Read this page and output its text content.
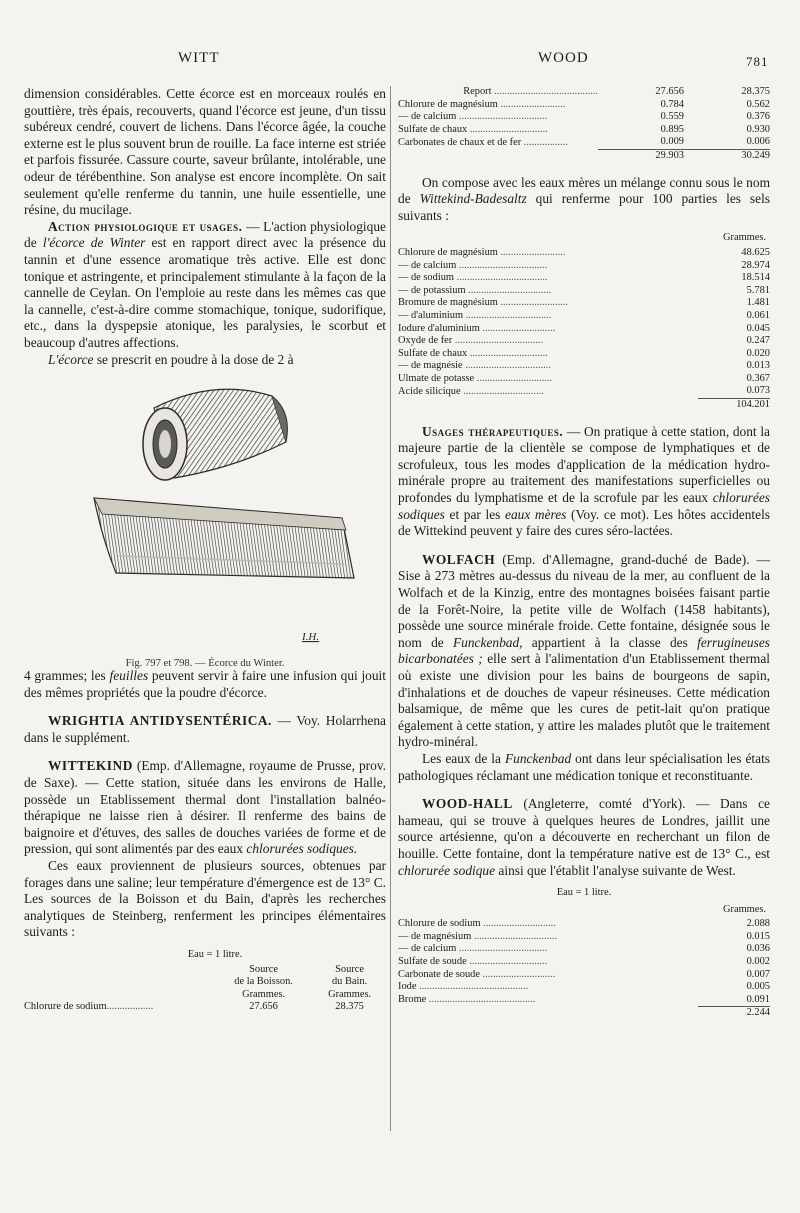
WITT	WOOD	781

dimension considérables. Cette écorce est en morceaux roulés en gouttière, très épais, recouverts, quand l'écorce est jeune, d'un tissu subéreux cendré, couvert de lichens. Dans l'écorce âgée, la couche externe est le plus souvent brun de rouille. La face interne est striée et parfois fissurée. Cassure courte, saveur brûlante, intolérable, une odeur de térébenthine. Son analyse est encore incomplète. On sait seulement qu'elle renferme du tannin, une huile essentielle, une résine, du mucilage.

Action physiologique et usages. — L'action physiologique de l'écorce de Winter est en rapport direct avec la présence du tannin et d'une essence aromatique très active. Elle est donc tonique et astringente, et principalement stimulante à la façon de la cannelle de Ceylan. On l'emploie au reste dans les mêmes cas que la cannelle, c'est-à-dire comme stomachique, tonique, sudorifique, etc., dans la dyspepsie atonique, les paralysies, le scorbut et beaucoup d'autres affections.

L'écorce se prescrit en poudre à la dose de 2 à

I.H.
Fig. 797 et 798. — Écorce du Winter.

4 grammes; les feuilles peuvent servir à faire une infusion qui jouit des mêmes propriétés que la poudre d'écorce.

WRIGHTIA ANTIDYSENTÉRICA. — Voy. Holarrhena dans le supplément.

WITTEKIND (Emp. d'Allemagne, royaume de Prusse, prov. de Saxe). — Cette station, située dans les environs de Halle, possède un Etablissement thermal dont l'installation balnéo-thérapique ne laisse rien à désirer. Il renferme des bains de baignoire et d'étuves, des salles de douches variées de forme et de pression, qui sont alimentés par des eaux chlorurées sodiques.

Ces eaux proviennent de plusieurs sources, obtenues par forages dans une saline; leur température d'émergence est de 13° C. Les sources de la Boisson et du Bain, d'après les recherches analytiques de Steinberg, renferment les principes élémentaires suivants :

Eau = 1 litre.
	Source	Source
	de la Boisson.	du Bain.
	Grammes.	Grammes.
Chlorure de sodium..................	27.656	28.375
Report ........................................	27.656	28.375
Chlorure de magnésium .........................	0.784	0.562
— de calcium ..................................	0.559	0.376
Sulfate de chaux ..............................	0.895	0.930
Carbonates de chaux et de fer .................	0.009	0.006
	29.903	30.249

On compose avec les eaux mères un mélange connu sous le nom de Wittekind-Badesaltz qui renferme pour 100 parties les sels suivants :

Grammes.
Chlorure de magnésium .........................	48.625
— de calcium ..................................	28.974
— de sodium ...................................	18.514
— de potassium ................................	5.781
Bromure de magnésium ..........................	1.481
— d'aluminium .................................	0.061
Iodure d'aluminium ............................	0.045
Oxyde de fer ..................................	0.247
Sulfate de chaux ..............................	0.020
— de magnésie .................................	0.013
Ulmate de potasse .............................	0.367
Acide silicique ...............................	0.073
	104.201

Usages thérapeutiques. — On pratique à cette station, dont la majeure partie de la clientèle se compose de lymphatiques et de scrofuleux, tous les modes d'application de la médication hydro-minérale propre au traitement des manifestations superficielles ou profondes du lymphatisme et de la scrofule par les eaux chlorurées sodiques et par les eaux mères (Voy. ce mot). Les hôtes accidentels de Wittekind peuvent y faire des cures séro-lactées.

WOLFACH (Emp. d'Allemagne, grand-duché de Bade). — Sise à 273 mètres au-dessus du niveau de la mer, au confluent de la Wolfach et de la Kinzig, entre des montagnes boisées faisant partie de la Forêt-Noire, la petite ville de Wolfach (1458 habitants), possède une source minérale froide. Cette fontaine, désignée sous le nom de Funckenbad, appartient à la classe des ferrugineuses bicarbonatées ; elle sert à l'alimentation d'un Etablissement thermal où existe une division pour les bains de bourgeons de sapin, d'inhalations et de douches de vapeur résineuses. Cette médication balsamique, de même que les cures de petit-lait qu'on pratique également à cette station, y attire les malades plutôt que le traitement hydro-minéral.

Les eaux de la Funckenbad ont dans leur spécialisation les états pathologiques réclamant une médication tonique et reconstituante.

WOOD-HALL (Angleterre, comté d'York). — Dans ce hameau, qui se trouve à quelques heures de Londres, jaillit une source artésienne, qu'on a découverte en recherchant un filon de houille. Cette fontaine, dont la température native est de 13° C., est chlorurée sodique ainsi que l'établit l'analyse suivante de West.

Eau = 1 litre.
Grammes.
Chlorure de sodium ............................	2.088
— de magnésium ................................	0.015
— de calcium ..................................	0.036
Sulfate de soude ..............................	0.002
Carbonate de soude ............................	0.007
Iode ..........................................	0.005
Brome .........................................	0.091
	2.244
